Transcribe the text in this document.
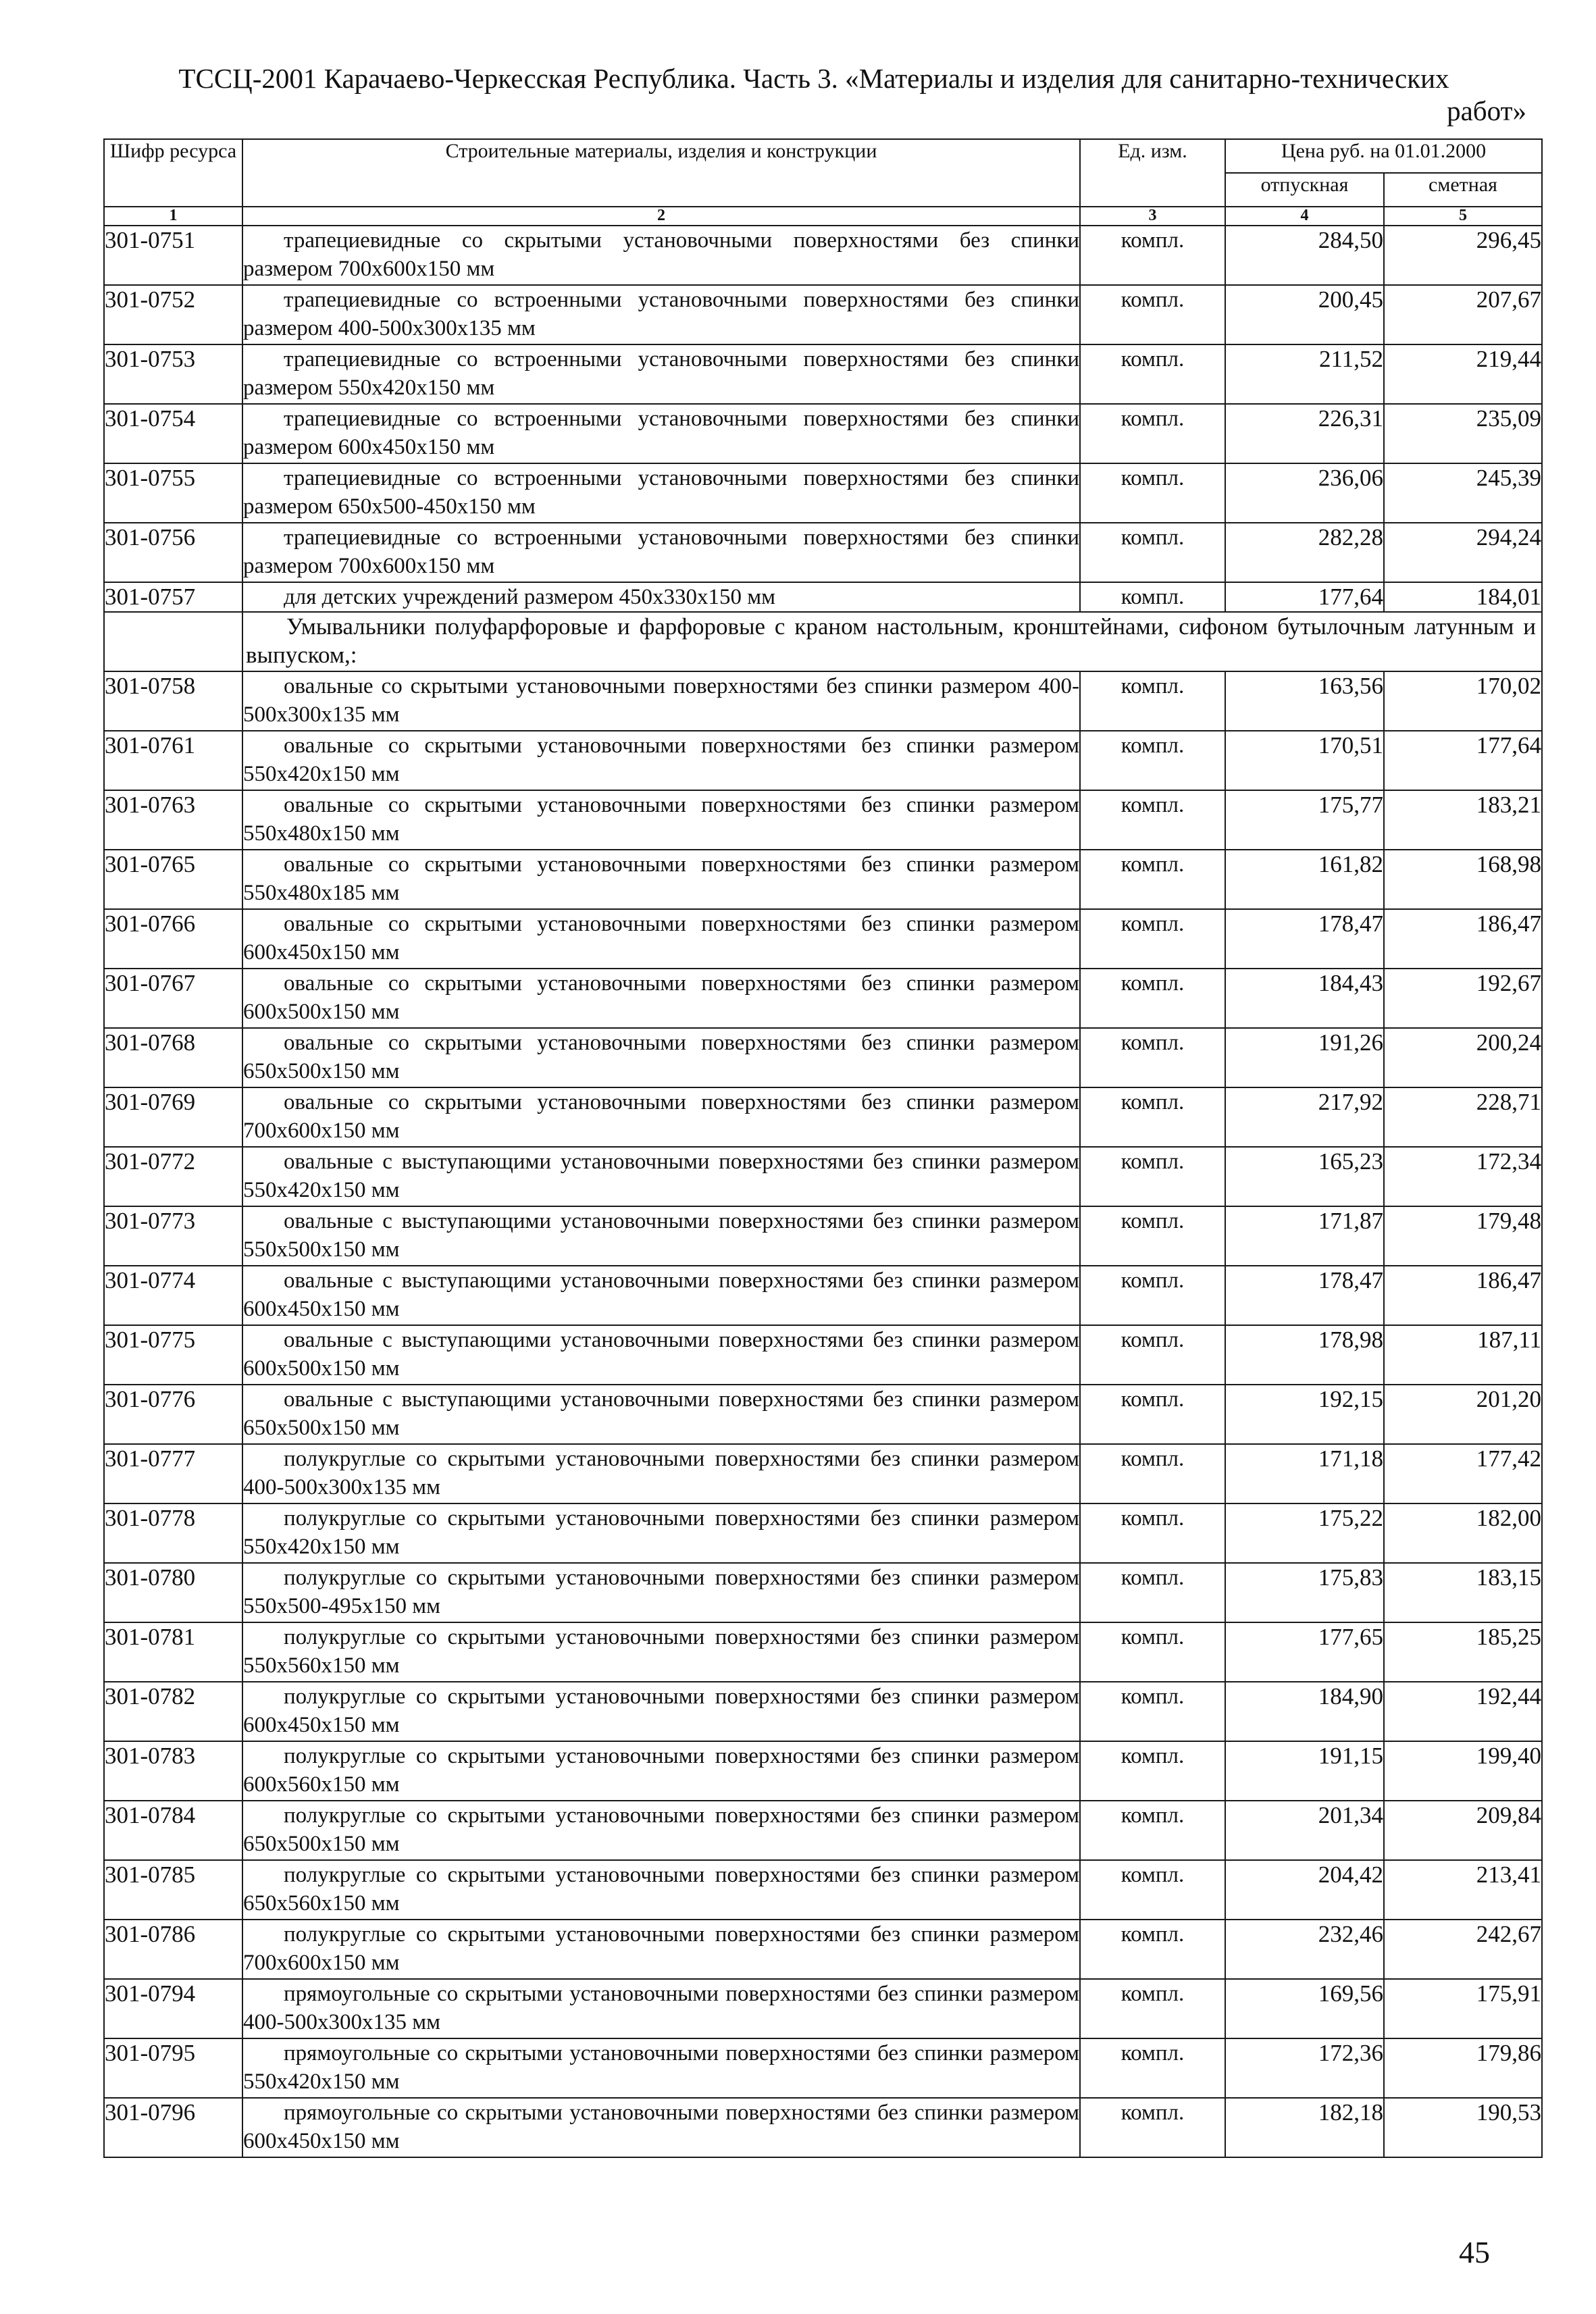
ТССЦ-2001 Карачаево-Черкесская Республика. Часть 3. «Материалы и изделия для санитарно-технических
работ»
Шифр ресурса	Строительные материалы, изделия и конструкции	Ед. изм.	Цена руб. на 01.01.2000	
			отпускная	сметная
1	2	3	4	5
301-0751	трапециевидные со скрытыми установочными поверхностями без спинки размером 700x600x150 мм	компл.	284,50	296,45
301-0752	трапециевидные со встроенными установочными поверхностями без спинки размером 400-500x300x135 мм	компл.	200,45	207,67
301-0753	трапециевидные со встроенными установочными поверхностями без спинки размером 550x420x150 мм	компл.	211,52	219,44
301-0754	трапециевидные со встроенными установочными поверхностями без спинки размером 600x450x150 мм	компл.	226,31	235,09
301-0755	трапециевидные со встроенными установочными поверхностями без спинки размером 650x500-450x150 мм	компл.	236,06	245,39
301-0756	трапециевидные со встроенными установочными поверхностями без спинки размером 700x600x150 мм	компл.	282,28	294,24
301-0757	для детских учреждений размером 450x330x150 мм	компл.	177,64	184,01
	Умывальники полуфарфоровые и фарфоровые с краном настольным, кронштейнами, сифоном бутылочным латунным и выпуском,:			
301-0758	овальные со скрытыми установочными поверхностями без спинки размером 400-500x300x135 мм	компл.	163,56	170,02
301-0761	овальные со скрытыми установочными поверхностями без спинки размером 550x420x150 мм	компл.	170,51	177,64
301-0763	овальные со скрытыми установочными поверхностями без спинки размером 550x480x150 мм	компл.	175,77	183,21
301-0765	овальные со скрытыми установочными поверхностями без спинки размером 550x480x185 мм	компл.	161,82	168,98
301-0766	овальные со скрытыми установочными поверхностями без спинки размером 600x450x150 мм	компл.	178,47	186,47
301-0767	овальные со скрытыми установочными поверхностями без спинки размером 600x500x150 мм	компл.	184,43	192,67
301-0768	овальные со скрытыми установочными поверхностями без спинки размером 650x500x150 мм	компл.	191,26	200,24
301-0769	овальные со скрытыми установочными поверхностями без спинки размером 700x600x150 мм	компл.	217,92	228,71
301-0772	овальные с выступающими установочными поверхностями без спинки размером 550x420x150 мм	компл.	165,23	172,34
301-0773	овальные с выступающими установочными поверхностями без спинки размером 550x500x150 мм	компл.	171,87	179,48
301-0774	овальные с выступающими установочными поверхностями без спинки размером 600x450x150 мм	компл.	178,47	186,47
301-0775	овальные с выступающими установочными поверхностями без спинки размером 600x500x150 мм	компл.	178,98	187,11
301-0776	овальные с выступающими установочными поверхностями без спинки размером 650x500x150 мм	компл.	192,15	201,20
301-0777	полукруглые со скрытыми установочными поверхностями без спинки размером 400-500x300x135 мм	компл.	171,18	177,42
301-0778	полукруглые со скрытыми установочными поверхностями без спинки размером 550x420x150 мм	компл.	175,22	182,00
301-0780	полукруглые со скрытыми установочными поверхностями без спинки размером 550x500-495x150 мм	компл.	175,83	183,15
301-0781	полукруглые со скрытыми установочными поверхностями без спинки размером 550x560x150 мм	компл.	177,65	185,25
301-0782	полукруглые со скрытыми установочными поверхностями без спинки размером 600x450x150 мм	компл.	184,90	192,44
301-0783	полукруглые со скрытыми установочными поверхностями без спинки размером 600x560x150 мм	компл.	191,15	199,40
301-0784	полукруглые со скрытыми установочными поверхностями без спинки размером 650x500x150 мм	компл.	201,34	209,84
301-0785	полукруглые со скрытыми установочными поверхностями без спинки размером 650x560x150 мм	компл.	204,42	213,41
301-0786	полукруглые со скрытыми установочными поверхностями без спинки размером 700x600x150 мм	компл.	232,46	242,67
301-0794	прямоугольные со скрытыми установочными поверхностями без спинки размером 400-500x300x135 мм	компл.	169,56	175,91
301-0795	прямоугольные со скрытыми установочными поверхностями без спинки размером 550x420x150 мм	компл.	172,36	179,86
301-0796	прямоугольные со скрытыми установочными поверхностями без спинки размером 600x450x150 мм	компл.	182,18	190,53
45
